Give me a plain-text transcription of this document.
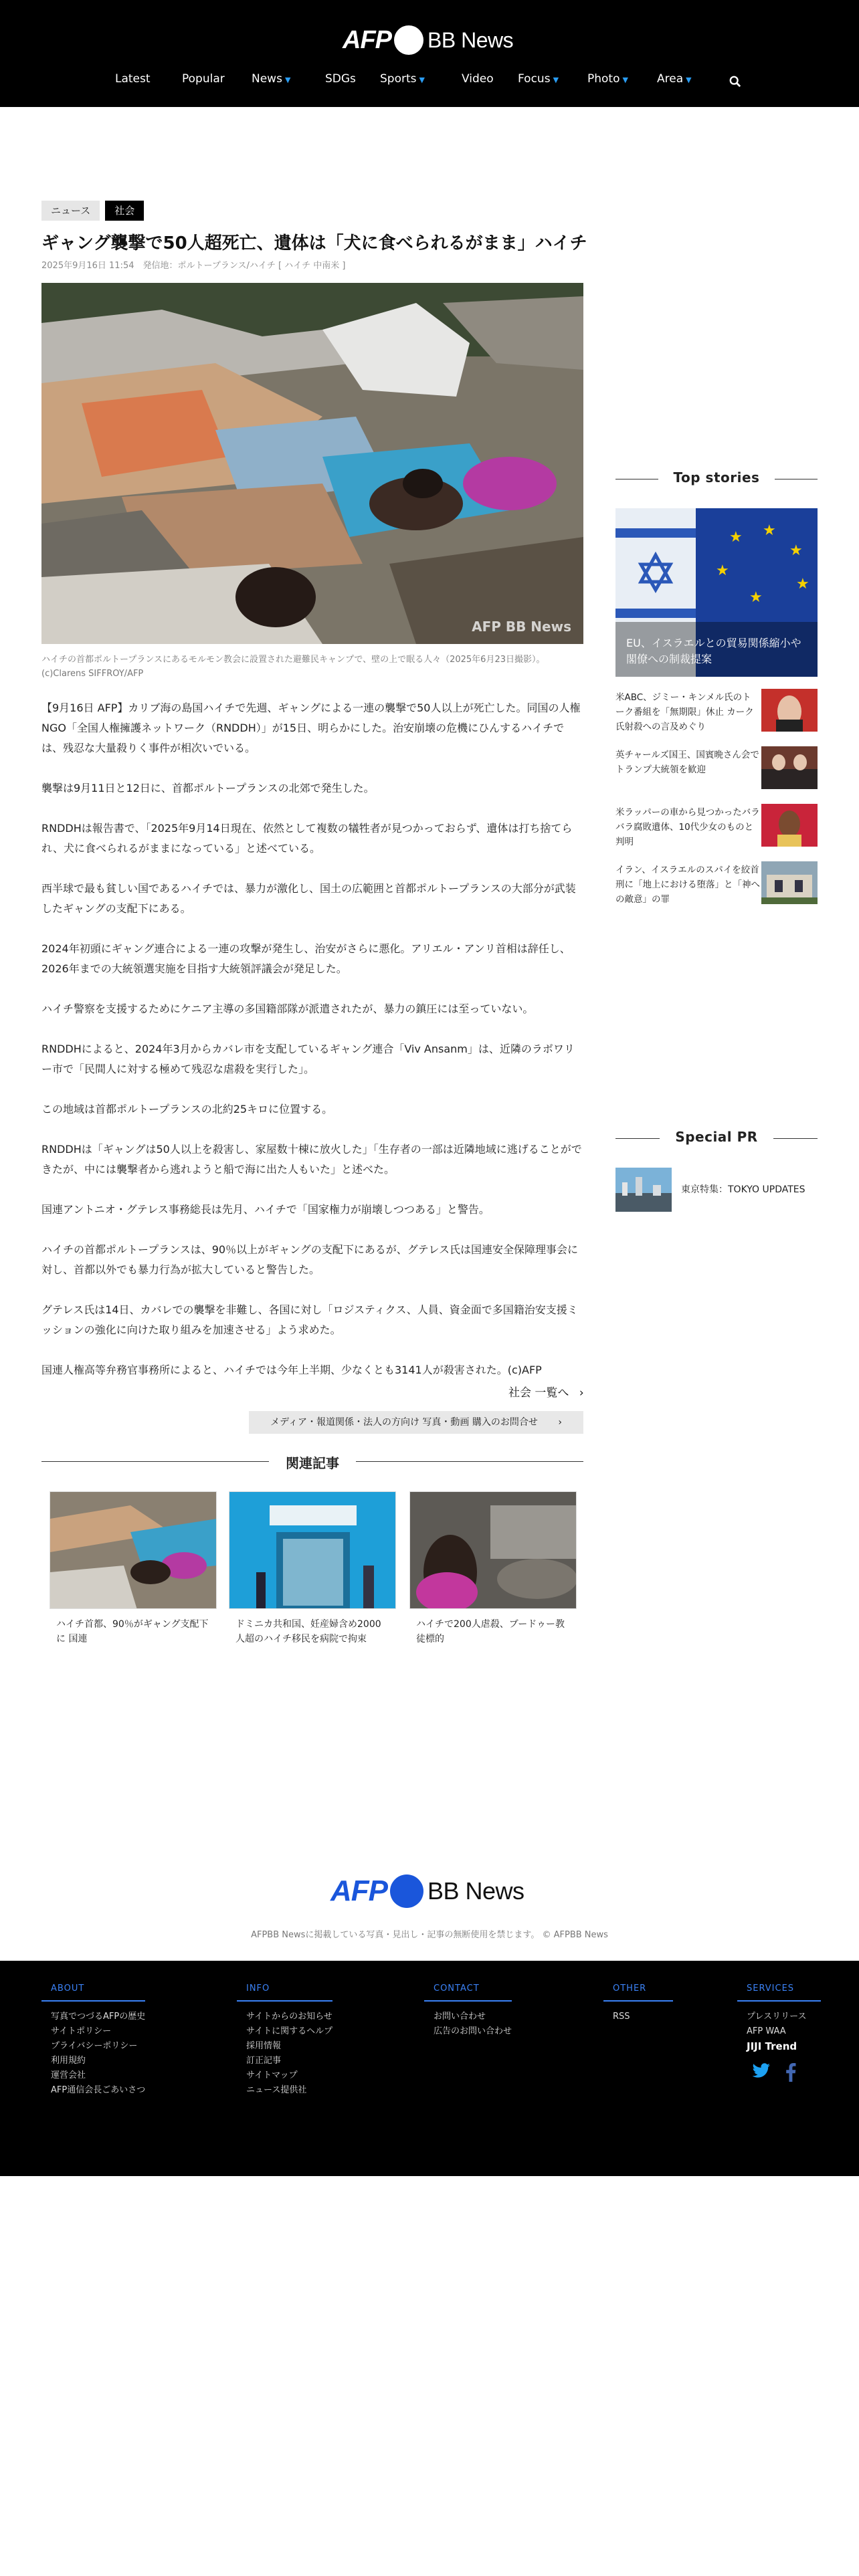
AFP BB News
Latest	Popular News ▼	SDGs Sports ▼	Video Focus ▼	Photo ▼	Area ▼
ニュース	社会
ギャング襲撃で50人超死亡、遺体は「犬に食べられるがまま」ハイチ
2025年9月16日 11:54　発信地：ポルトープランス/ハイチ [ ハイチ 中南米 ]
AFP BB News
ハイチの首都ポルトープランスにあるモルモン教会に設置された避難民キャンプで、壁の上で眠る人々（2025年6月23日撮影）。(c)Clarens SIFFROY/AFP

【9月16日 AFP】カリブ海の島国ハイチで先週、ギャングによる一連の襲撃で50人以上が死亡した。同国の人権NGO「全国人権擁護ネットワーク（RNDDH）」が15日、明らかにした。治安崩壊の危機にひんするハイチでは、残忍な大量殺りく事件が相次いでいる。

襲撃は9月11日と12日に、首都ポルトープランスの北郊で発生した。

RNDDHは報告書で、「2025年9月14日現在、依然として複数の犠牲者が見つかっておらず、遺体は打ち捨てられ、犬に食べられるがままになっている」と述べている。

西半球で最も貧しい国であるハイチでは、暴力が激化し、国土の広範囲と首都ポルトープランスの大部分が武装したギャングの支配下にある。

2024年初頭にギャング連合による一連の攻撃が発生し、治安がさらに悪化。アリエル・アンリ首相は辞任し、2026年までの大統領選実施を目指す大統領評議会が発足した。

ハイチ警察を支援するためにケニア主導の多国籍部隊が派遣されたが、暴力の鎮圧には至っていない。

RNDDHによると、2024年3月からカバレ市を支配しているギャング連合「Viv Ansanm」は、近隣のラボワリー市で「民間人に対する極めて残忍な虐殺を実行した」。

この地域は首都ポルトープランスの北約25キロに位置する。

RNDDHは「ギャングは50人以上を殺害し、家屋数十棟に放火した」「生存者の一部は近隣地域に逃げることができたが、中には襲撃者から逃れようと船で海に出た人もいた」と述べた。

国連アントニオ・グテレス事務総長は先月、ハイチで「国家権力が崩壊しつつある」と警告。

ハイチの首都ポルトープランスは、90％以上がギャングの支配下にあるが、グテレス氏は国連安全保障理事会に対し、首都以外でも暴力行為が拡大していると警告した。

グテレス氏は14日、カバレでの襲撃を非難し、各国に対し「ロジスティクス、人員、資金面で多国籍治安支援ミッションの強化に向けた取り組みを加速させる」よう求めた。

国連人権高等弁務官事務所によると、ハイチでは今年上半期、少なくとも3141人が殺害された。(c)AFP

社会 一覧へ ›
メディア・報道関係・法人の方向け 写真・動画 購入のお問合せ ›
関連記事
ハイチ首都、90％がギャング支配下に 国連
ドミニカ共和国、妊産婦含め2000人超のハイチ移民を病院で拘束
ハイチで200人虐殺、ブードゥー教徒標的
Top stories
★ ★
★
★
★
★
EU、イスラエルとの貿易関係縮小や閣僚への制裁提案
米ABC、ジミー・キンメル氏のトーク番組を「無期限」休止 カーク氏射殺への言及めぐり
英チャールズ国王、国賓晩さん会でトランプ大統領を歓迎
米ラッパーの車から見つかったバラバラ腐敗遺体、10代少女のものと判明
イラン、イスラエルのスパイを絞首刑に「地上における堕落」と「神への敵意」の罪
Special PR
東京特集：TOKYO UPDATES
AFP BB News
AFPBB Newsに掲載している写真・見出し・記事の無断使用を禁じます。 © AFPBB News
ABOUT
写真でつづるAFPの歴史
サイトポリシー
プライバシーポリシー
利用規約
運営会社
AFP通信会長ごあいさつ
INFO
サイトからのお知らせ
サイトに関するヘルプ
採用情報
訂正記事
サイトマップ
ニュース提供社
CONTACT
お問い合わせ
広告のお問い合わせ
OTHER
RSS
SERVICES
プレスリリース
AFP WAA
JIJI Trend
